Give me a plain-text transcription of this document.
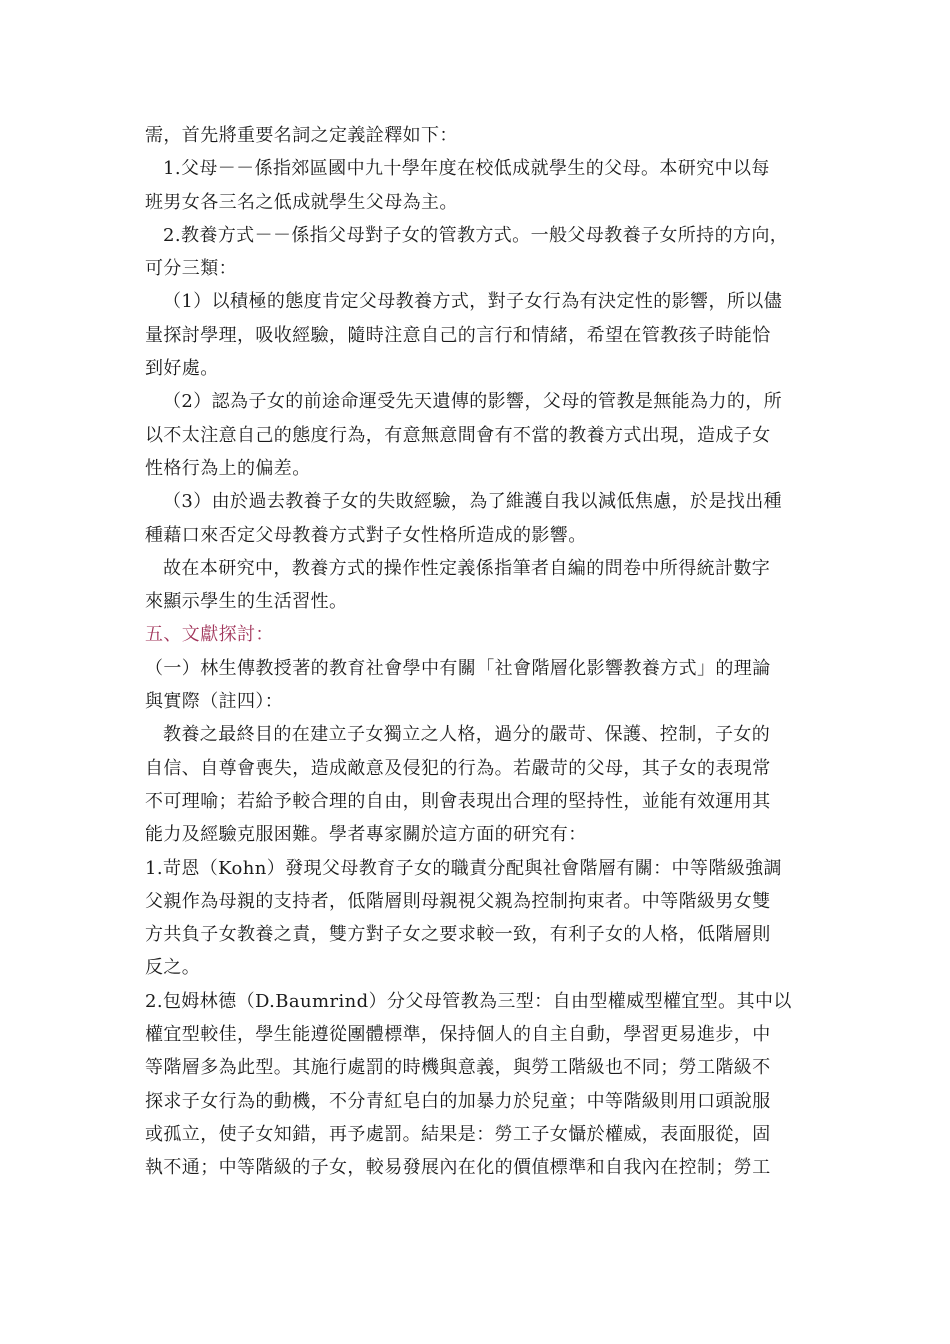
需，首先將重要名詞之定義詮釋如下：
1.父母－－係指郊區國中九十學年度在校低成就學生的父母。本研究中以每
班男女各三名之低成就學生父母為主。
2.教養方式－－係指父母對子女的管教方式。一般父母教養子女所持的方向，
可分三類：
（1）以積極的態度肯定父母教養方式，對子女行為有決定性的影響，所以儘
量探討學理，吸收經驗，隨時注意自己的言行和情緒，希望在管教孩子時能恰
到好處。
（2）認為子女的前途命運受先天遺傳的影響，父母的管教是無能為力的，所
以不太注意自己的態度行為，有意無意間會有不當的教養方式出現，造成子女
性格行為上的偏差。
（3）由於過去教養子女的失敗經驗，為了維護自我以減低焦慮，於是找出種
種藉口來否定父母教養方式對子女性格所造成的影響。
故在本研究中，教養方式的操作性定義係指筆者自編的問卷中所得統計數字
來顯示學生的生活習性。
五、文獻探討：
（一）林生傳教授著的教育社會學中有關「社會階層化影響教養方式」的理論
與實際（註四）：
教養之最終目的在建立子女獨立之人格，過分的嚴苛、保護、控制，子女的
自信、自尊會喪失，造成敵意及侵犯的行為。若嚴苛的父母，其子女的表現常
不可理喻；若給予較合理的自由，則會表現出合理的堅持性，並能有效運用其
能力及經驗克服困難。學者專家關於這方面的研究有：
1.苛恩（Kohn）發現父母教育子女的職責分配與社會階層有關：中等階級強調
父親作為母親的支持者，低階層則母親視父親為控制拘束者。中等階級男女雙
方共負子女教養之責，雙方對子女之要求較一致，有利子女的人格，低階層則
反之。
2.包姆林德（D.Baumrind）分父母管教為三型：自由型權威型權宜型。其中以
權宜型較佳，學生能遵從團體標準，保持個人的自主自動，學習更易進步，中
等階層多為此型。其施行處罰的時機與意義，與勞工階級也不同；勞工階級不
探求子女行為的動機，不分青紅皂白的加暴力於兒童；中等階級則用口頭說服
或孤立，使子女知錯，再予處罰。結果是：勞工子女懾於權威，表面服從，固
執不通；中等階級的子女，較易發展內在化的價值標準和自我內在控制；勞工
